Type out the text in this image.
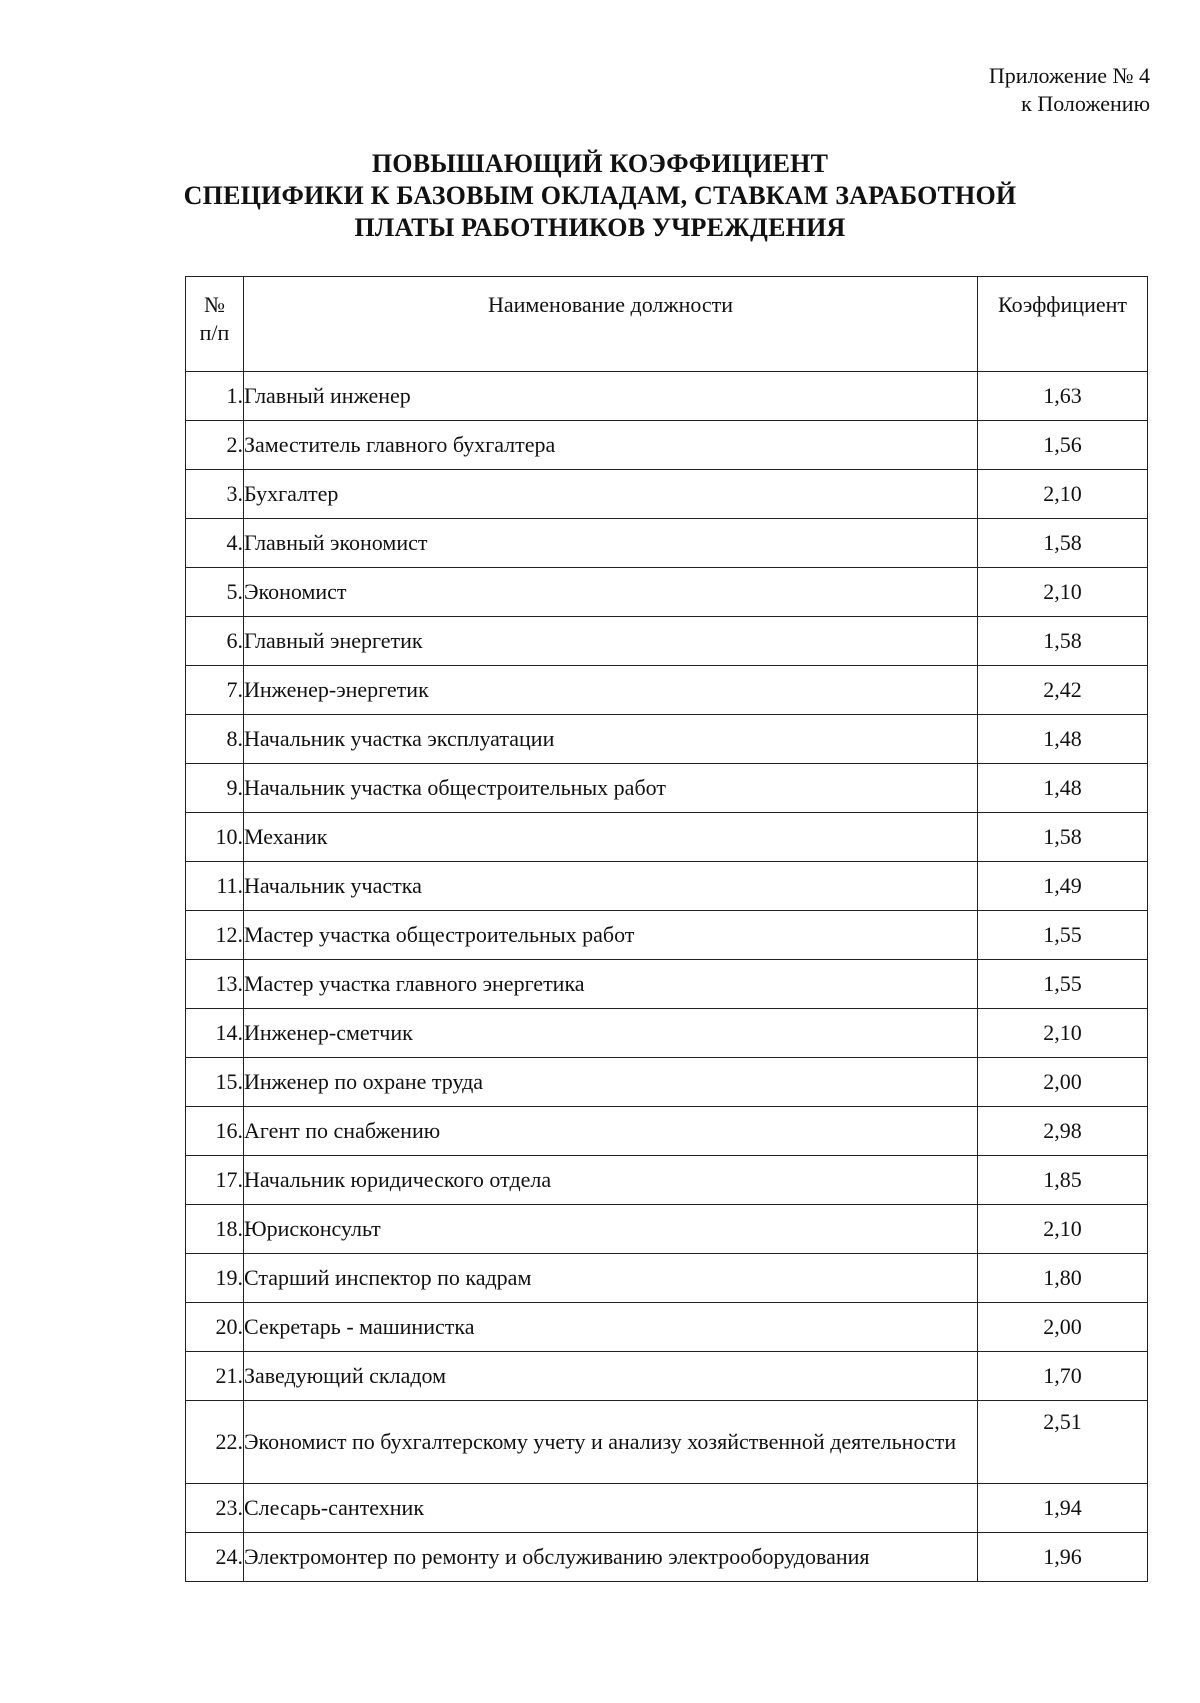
Приложение № 4
к Положению
ПОВЫШАЮЩИЙ КОЭФФИЦИЕНТ
СПЕЦИФИКИ К БАЗОВЫМ ОКЛАДАМ, СТАВКАМ ЗАРАБОТНОЙ
ПЛАТЫ РАБОТНИКОВ УЧРЕЖДЕНИЯ
№
п/п	Наименование должности	Коэффициент
1.	Главный инженер	1,63
2.	Заместитель главного бухгалтера	1,56
3.	Бухгалтер	2,10
4.	Главный экономист	1,58
5.	Экономист	2,10
6.	Главный энергетик	1,58
7.	Инженер-энергетик	2,42
8.	Начальник участка эксплуатации	1,48
9.	Начальник участка общестроительных работ	1,48
10.	Механик	1,58
11.	Начальник участка	1,49
12.	Мастер участка общестроительных работ	1,55
13.	Мастер участка главного энергетика	1,55
14.	Инженер-сметчик	2,10
15.	Инженер по охране труда	2,00
16.	Агент по снабжению	2,98
17.	Начальник юридического отдела	1,85
18.	Юрисконсульт	2,10
19.	Старший инспектор по кадрам	1,80
20.	Секретарь - машинистка	2,00
21.	Заведующий складом	1,70
22.	Экономист по бухгалтерскому учету и анализу хозяйственной деятельности	2,51
23.	Слесарь-сантехник	1,94
24.	Электромонтер по ремонту и обслуживанию электрооборудования	1,96
